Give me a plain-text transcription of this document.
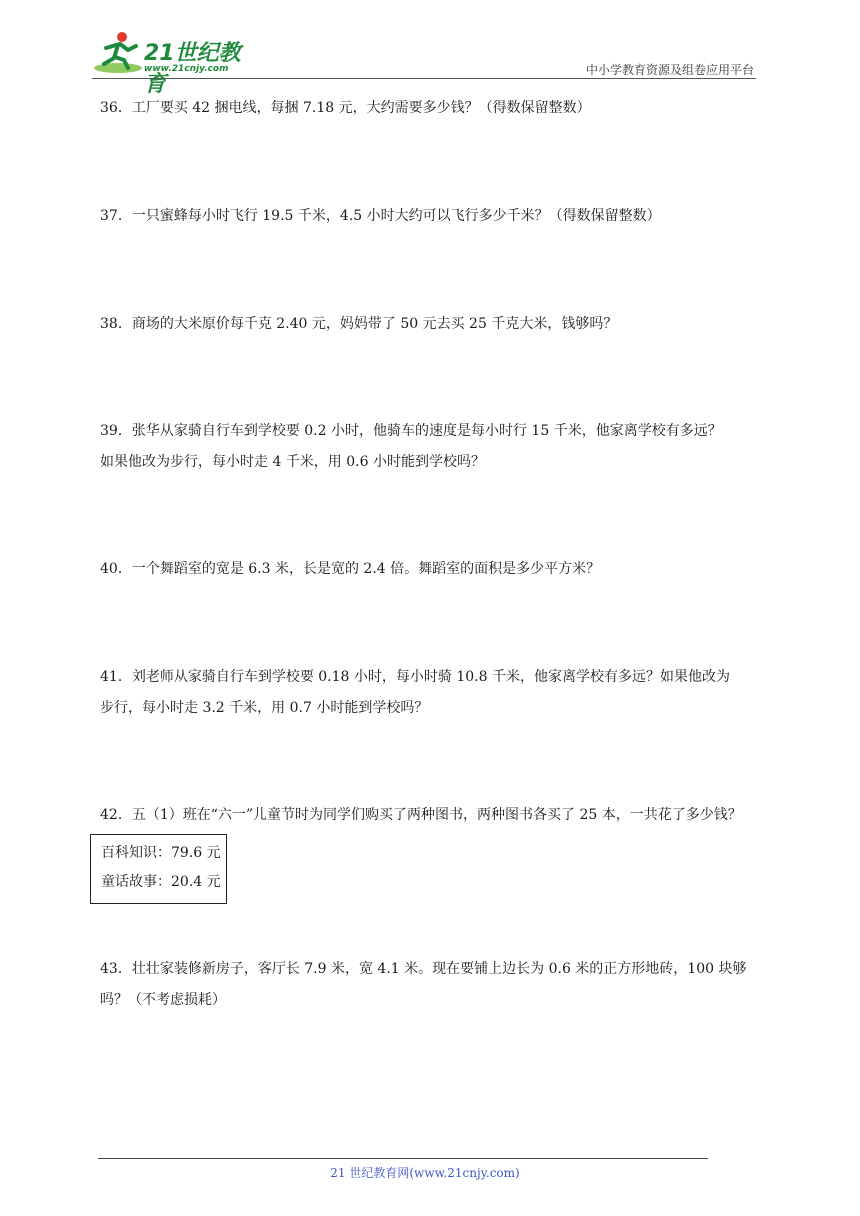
21世纪教育
www.21cnjy.com	中小学教育资源及组卷应用平台
36．工厂要买 42 捆电线，每捆 7.18 元，大约需要多少钱？（得数保留整数）
37．一只蜜蜂每小时飞行 19.5 千米，4.5 小时大约可以飞行多少千米？（得数保留整数）
38．商场的大米原价每千克 2.40 元，妈妈带了 50 元去买 25 千克大米，钱够吗？
39．张华从家骑自行车到学校要 0.2 小时，他骑车的速度是每小时行 15 千米，他家离学校有多远？
如果他改为步行，每小时走 4 千米，用 0.6 小时能到学校吗？
40．一个舞蹈室的宽是 6.3 米，长是宽的 2.4 倍。舞蹈室的面积是多少平方米？
41．刘老师从家骑自行车到学校要 0.18 小时，每小时骑 10.8 千米，他家离学校有多远？如果他改为
步行，每小时走 3.2 千米，用 0.7 小时能到学校吗？
42．五（1）班在“六一”儿童节时为同学们购买了两种图书，两种图书各买了 25 本，一共花了多少钱？
百科知识：79.6 元
童话故事：20.4 元
43．壮壮家装修新房子，客厅长 7.9 米，宽 4.1 米。现在要铺上边长为 0.6 米的正方形地砖，100 块够
吗？（不考虑损耗）
21 世纪教育网(www.21cnjy.com)
